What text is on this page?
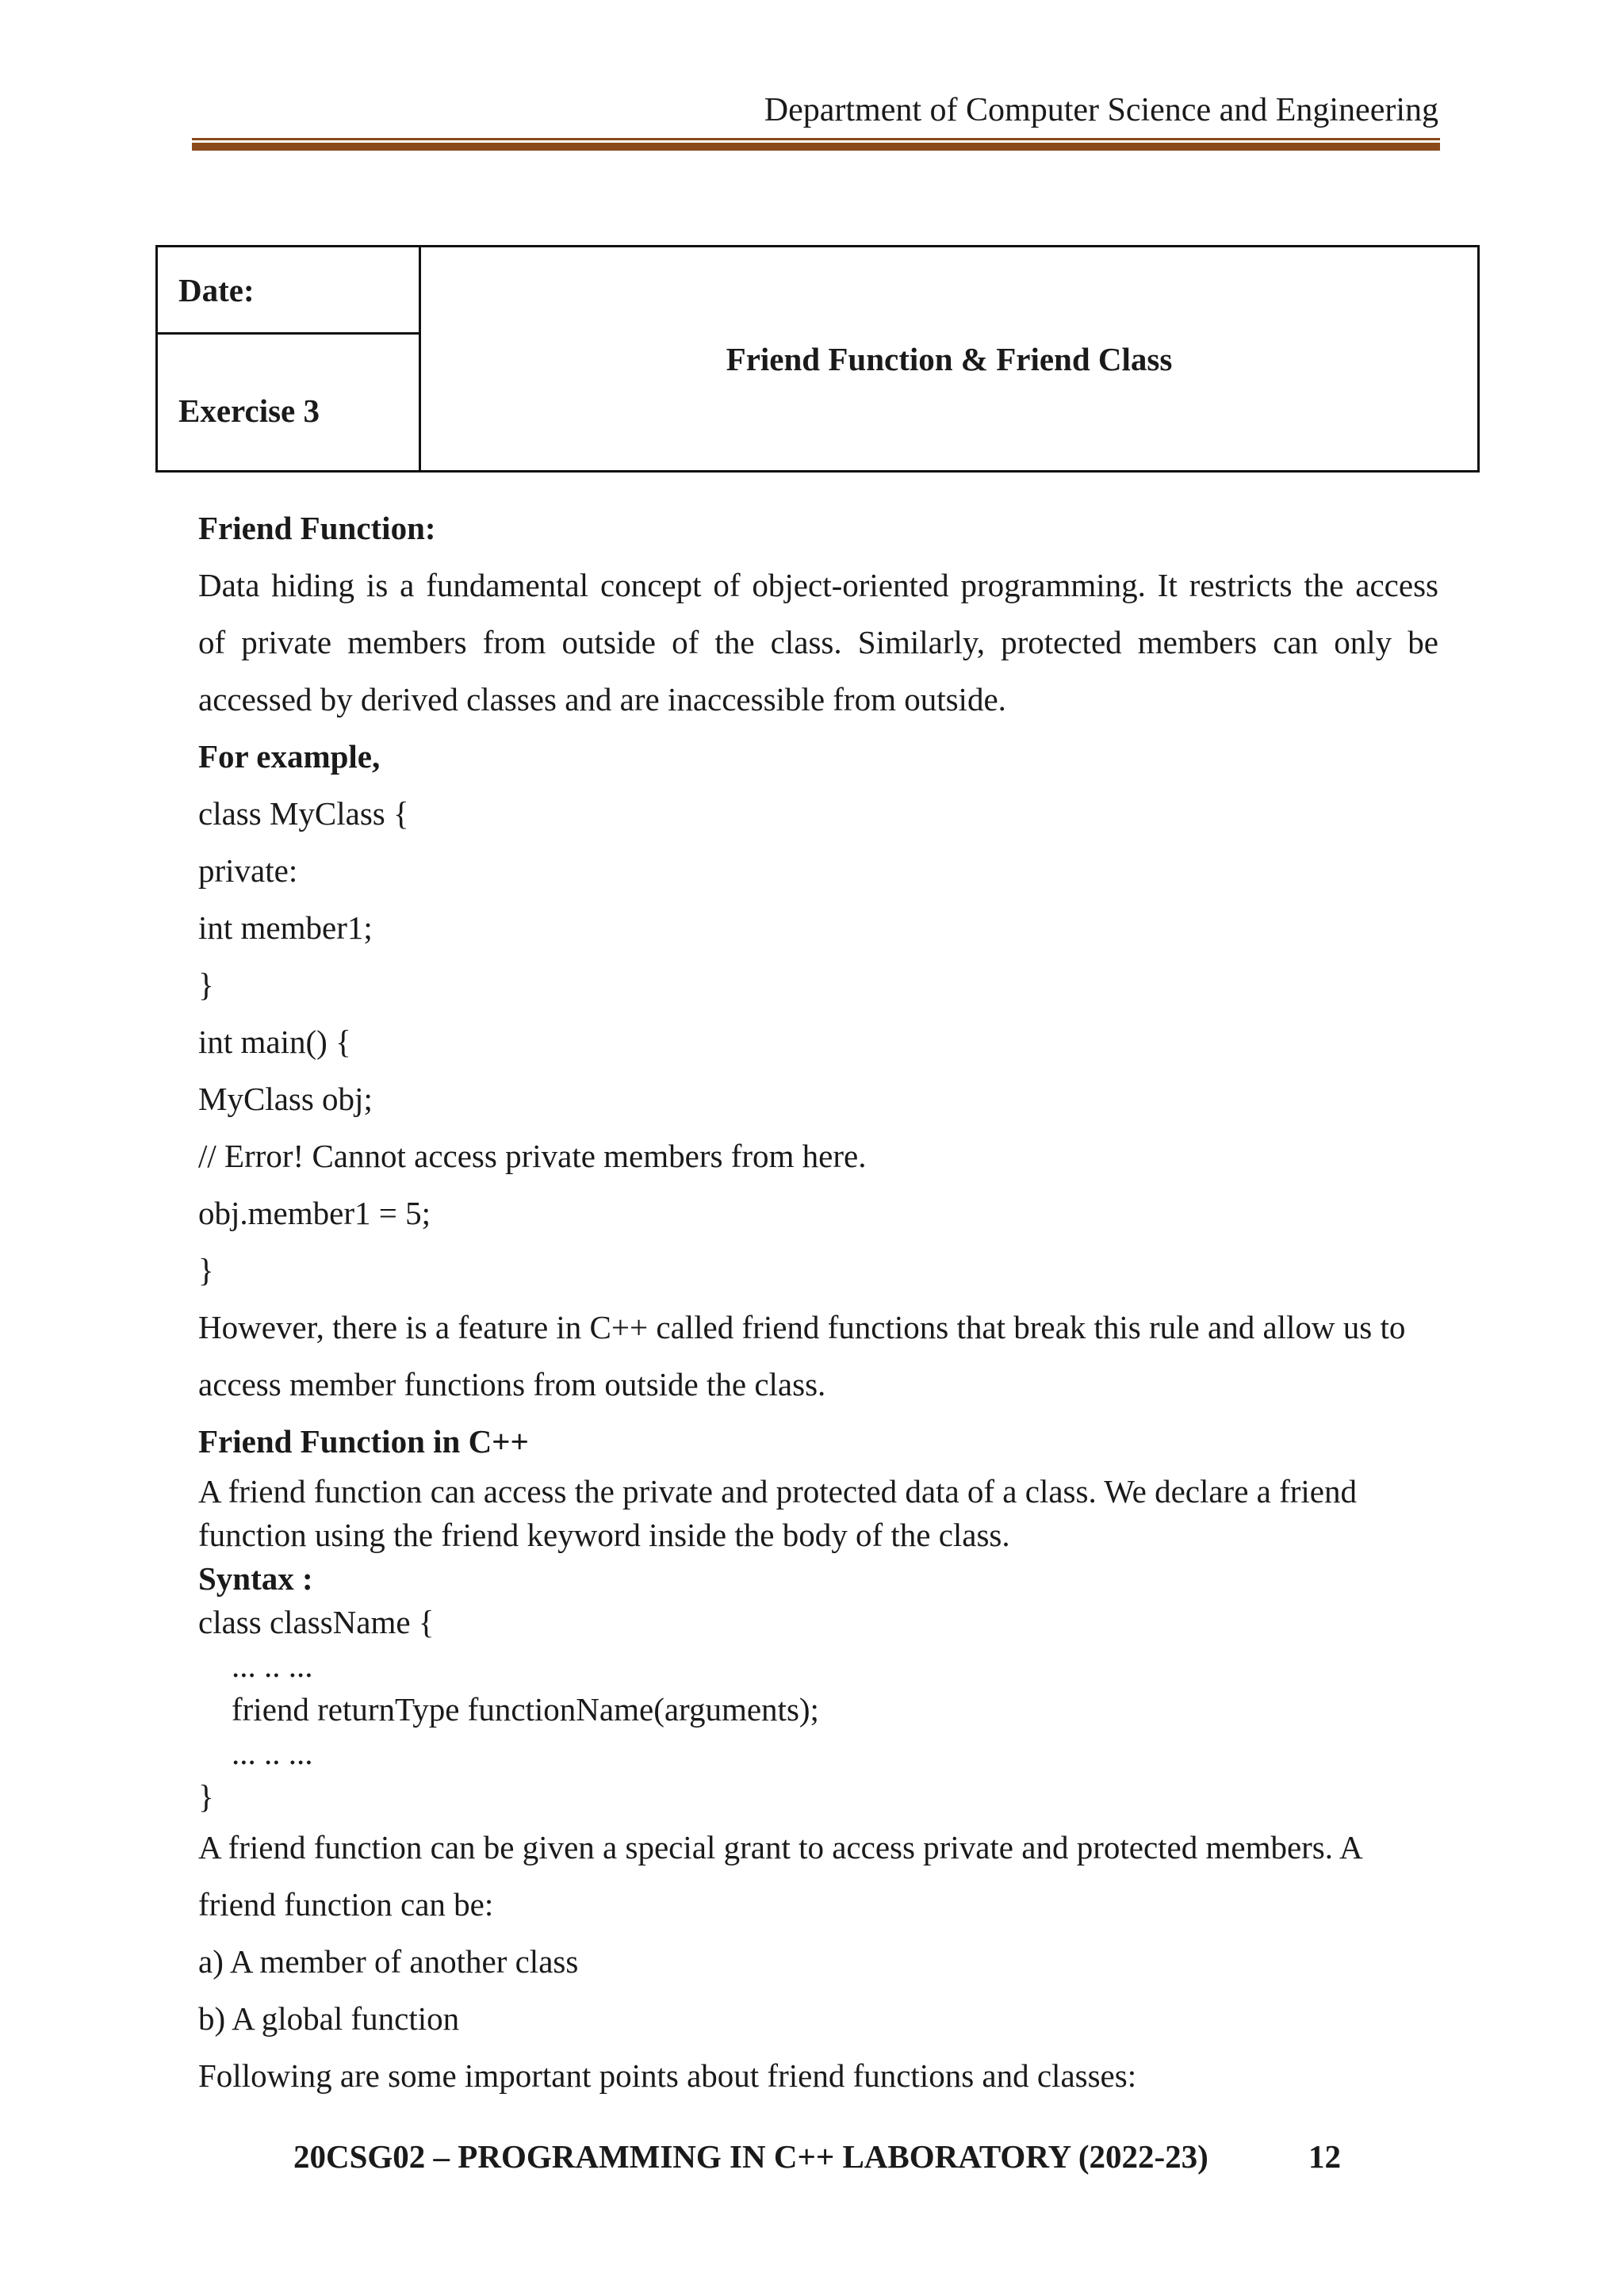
Department of Computer Science and Engineering
Date:	Friend Function & Friend Class
Exercise 3
Friend Function:
Data hiding is a fundamental concept of object-oriented programming. It restricts the access
of private members from outside of the class. Similarly, protected members can only be
accessed by derived classes and are inaccessible from outside.
For example,
class MyClass {
private:
int member1;
}
int main() {
MyClass obj;
// Error! Cannot access private members from here.
obj.member1 = 5;
}
However, there is a feature in C++ called friend functions that break this rule and allow us to
access member functions from outside the class.
Friend Function in C++
A friend function can access the private and protected data of a class. We declare a friend
function using the friend keyword inside the body of the class.
Syntax :
class className {
... .. ...
friend returnType functionName(arguments);
... .. ...
}
A friend function can be given a special grant to access private and protected members. A
friend function can be:
a) A member of another class
b) A global function
Following are some important points about friend functions and classes:
20CSG02 – PROGRAMMING IN C++ LABORATORY (2022-23)	12
